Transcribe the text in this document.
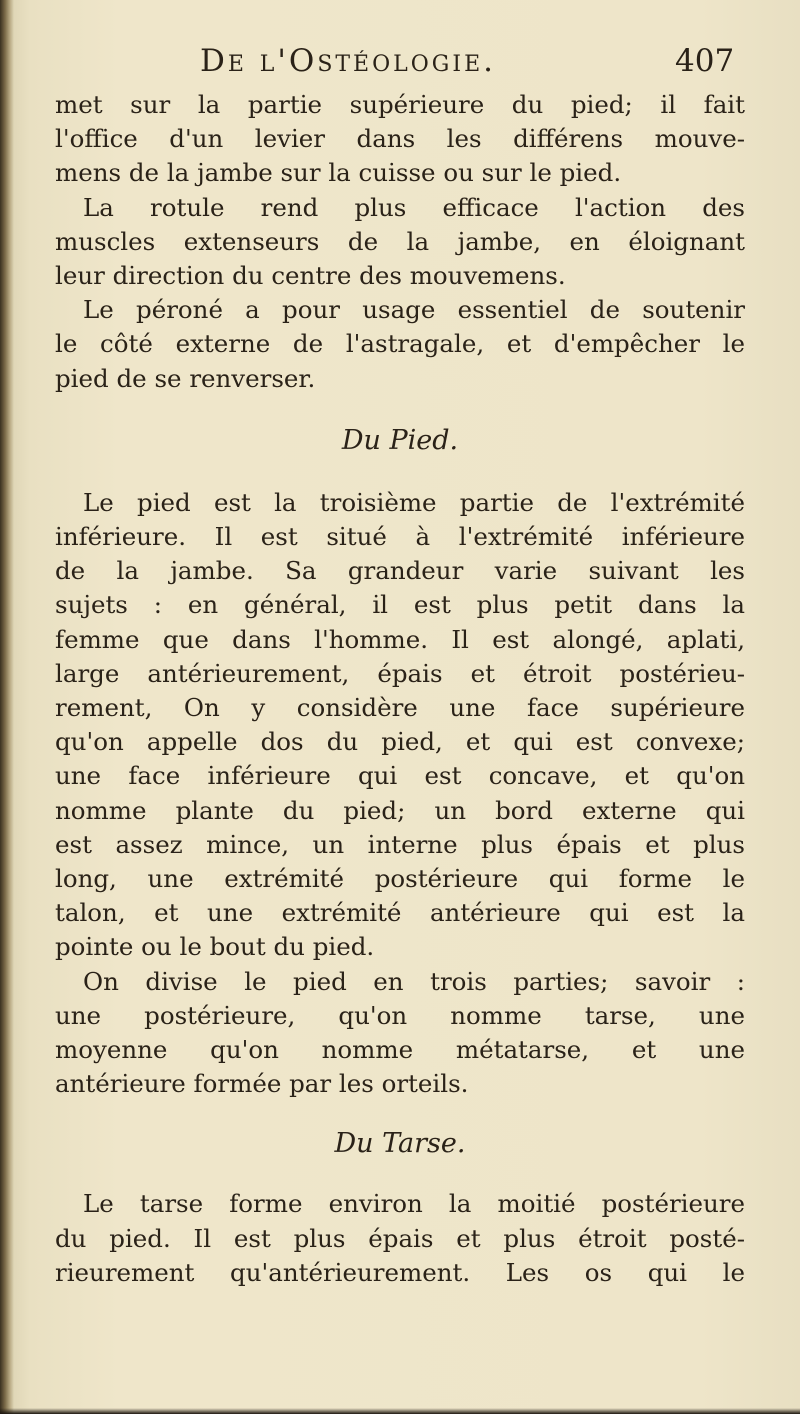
De l'Ostéologie.	407
met sur la partie supérieure du pied; il fait
l'office d'un levier dans les différens mouve-
mens de la jambe sur la cuisse ou sur le pied.
La rotule rend plus efficace l'action des
muscles extenseurs de la jambe, en éloignant
leur direction du centre des mouvemens.
Le péroné a pour usage essentiel de soutenir
le côté externe de l'astragale, et d'empêcher le
pied de se renverser.
Du Pied.
Le pied est la troisième partie de l'extrémité
inférieure. Il est situé à l'extrémité inférieure
de la jambe. Sa grandeur varie suivant les
sujets : en général, il est plus petit dans la
femme que dans l'homme. Il est alongé, aplati,
large antérieurement, épais et étroit postérieu-
rement, On y considère une face supérieure
qu'on appelle dos du pied, et qui est convexe;
une face inférieure qui est concave, et qu'on
nomme plante du pied; un bord externe qui
est assez mince, un interne plus épais et plus
long, une extrémité postérieure qui forme le
talon, et une extrémité antérieure qui est la
pointe ou le bout du pied.
On divise le pied en trois parties; savoir :
une postérieure, qu'on nomme tarse, une
moyenne qu'on nomme métatarse, et une
antérieure formée par les orteils.
Du Tarse.
Le tarse forme environ la moitié postérieure
du pied. Il est plus épais et plus étroit posté-
rieurement qu'antérieurement. Les os qui le
